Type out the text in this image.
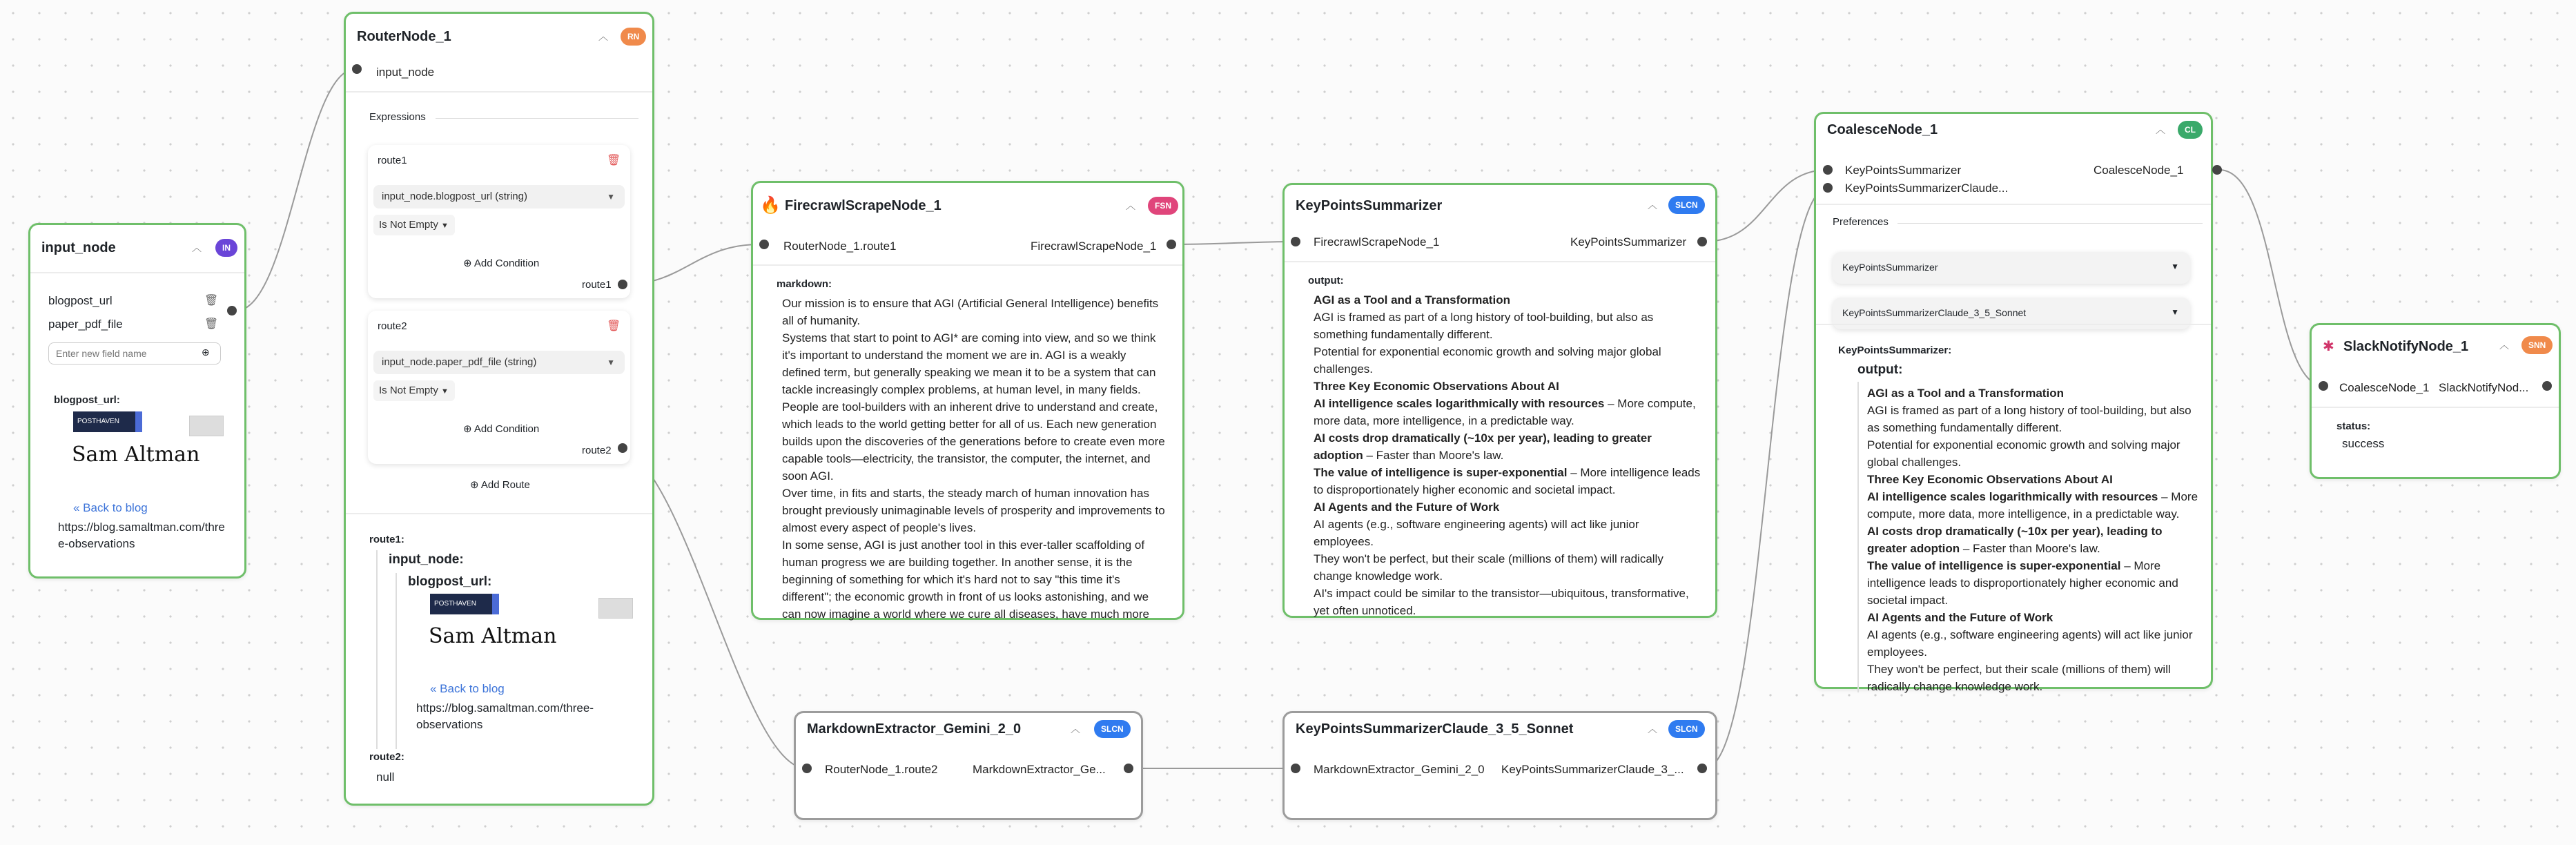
input_node	︿	IN
blogpost_url	🗑
paper_pdf_file	🗑
Enter new field name
⊕
blogpost_url:
POSTHAVEN
Sam Altman
« Back to blog
https://blog.samaltman.com/thre
e-observations
RouterNode_1	︿	RN
input_node
Expressions
route1	🗑
input_node.blogpost_url (string)	▼
Is Not Empty ▼
⊕ Add Condition
route1
route2	🗑
input_node.paper_pdf_file (string)	▼
Is Not Empty ▼
⊕ Add Condition
route2
⊕ Add Route
route1:
input_node:
blogpost_url:
POSTHAVEN
Sam Altman
« Back to blog
https://blog.samaltman.com/three-
observations
route2:
null
🔥 FirecrawlScrapeNode_1	︿	FSN
RouterNode_1.route1	FirecrawlScrapeNode_1
markdown:

Our mission is to ensure that AGI (Artificial General Intelligence) benefits

all of humanity.

Systems that start to point to AGI* are coming into view, and so we think

it's important to understand the moment we are in. AGI is a weakly

defined term, but generally speaking we mean it to be a system that can

tackle increasingly complex problems, at human level, in many fields.

People are tool-builders with an inherent drive to understand and create,

which leads to the world getting better for all of us. Each new generation

builds upon the discoveries of the generations before to create even more

capable tools—electricity, the transistor, the computer, the internet, and

soon AGI.

Over time, in fits and starts, the steady march of human innovation has

brought previously unimaginable levels of prosperity and improvements to

almost every aspect of people's lives.

In some sense, AGI is just another tool in this ever-taller scaffolding of

human progress we are building together. In another sense, it is the

beginning of something for which it's hard not to say "this time it's

different"; the economic growth in front of us looks astonishing, and we

can now imagine a world where we cure all diseases, have much more

KeyPointsSummarizer	︿	SLCN
FirecrawlScrapeNode_1	KeyPointsSummarizer
output:

AGI as a Tool and a Transformation

AGI is framed as part of a long history of tool-building, but also as

something fundamentally different.

Potential for exponential economic growth and solving major global

challenges.

Three Key Economic Observations About AI

AI intelligence scales logarithmically with resources – More compute,

more data, more intelligence, in a predictable way.

AI costs drop dramatically (~10x per year), leading to greater

adoption – Faster than Moore's law.

The value of intelligence is super-exponential – More intelligence leads

to disproportionately higher economic and societal impact.

AI Agents and the Future of Work

AI agents (e.g., software engineering agents) will act like junior

employees.

They won't be perfect, but their scale (millions of them) will radically

change knowledge work.

AI's impact could be similar to the transistor—ubiquitous, transformative,

yet often unnoticed.

MarkdownExtractor_Gemini_2_0	︿	SLCN
RouterNode_1.route2	MarkdownExtractor_Ge...
KeyPointsSummarizerClaude_3_5_Sonnet	︿	SLCN
MarkdownExtractor_Gemini_2_0 KeyPointsSummarizerClaude_3_...
CoalesceNode_1	︿	CL
KeyPointsSummarizer
KeyPointsSummarizerClaude...
CoalesceNode_1
Preferences
KeyPointsSummarizer	▼
KeyPointsSummarizerClaude_3_5_Sonnet	▼
KeyPointsSummarizer:
output:

AGI as a Tool and a Transformation

AGI is framed as part of a long history of tool-building, but also

as something fundamentally different.

Potential for exponential economic growth and solving major

global challenges.

Three Key Economic Observations About AI

AI intelligence scales logarithmically with resources – More

compute, more data, more intelligence, in a predictable way.

AI costs drop dramatically (~10x per year), leading to

greater adoption – Faster than Moore's law.

The value of intelligence is super-exponential – More

intelligence leads to disproportionately higher economic and

societal impact.

AI Agents and the Future of Work

AI agents (e.g., software engineering agents) will act like junior

employees.

They won't be perfect, but their scale (millions of them) will

radically change knowledge work.

✱ SlackNotifyNode_1	︿	SNN
CoalesceNode_1 SlackNotifyNod...
status:
success
